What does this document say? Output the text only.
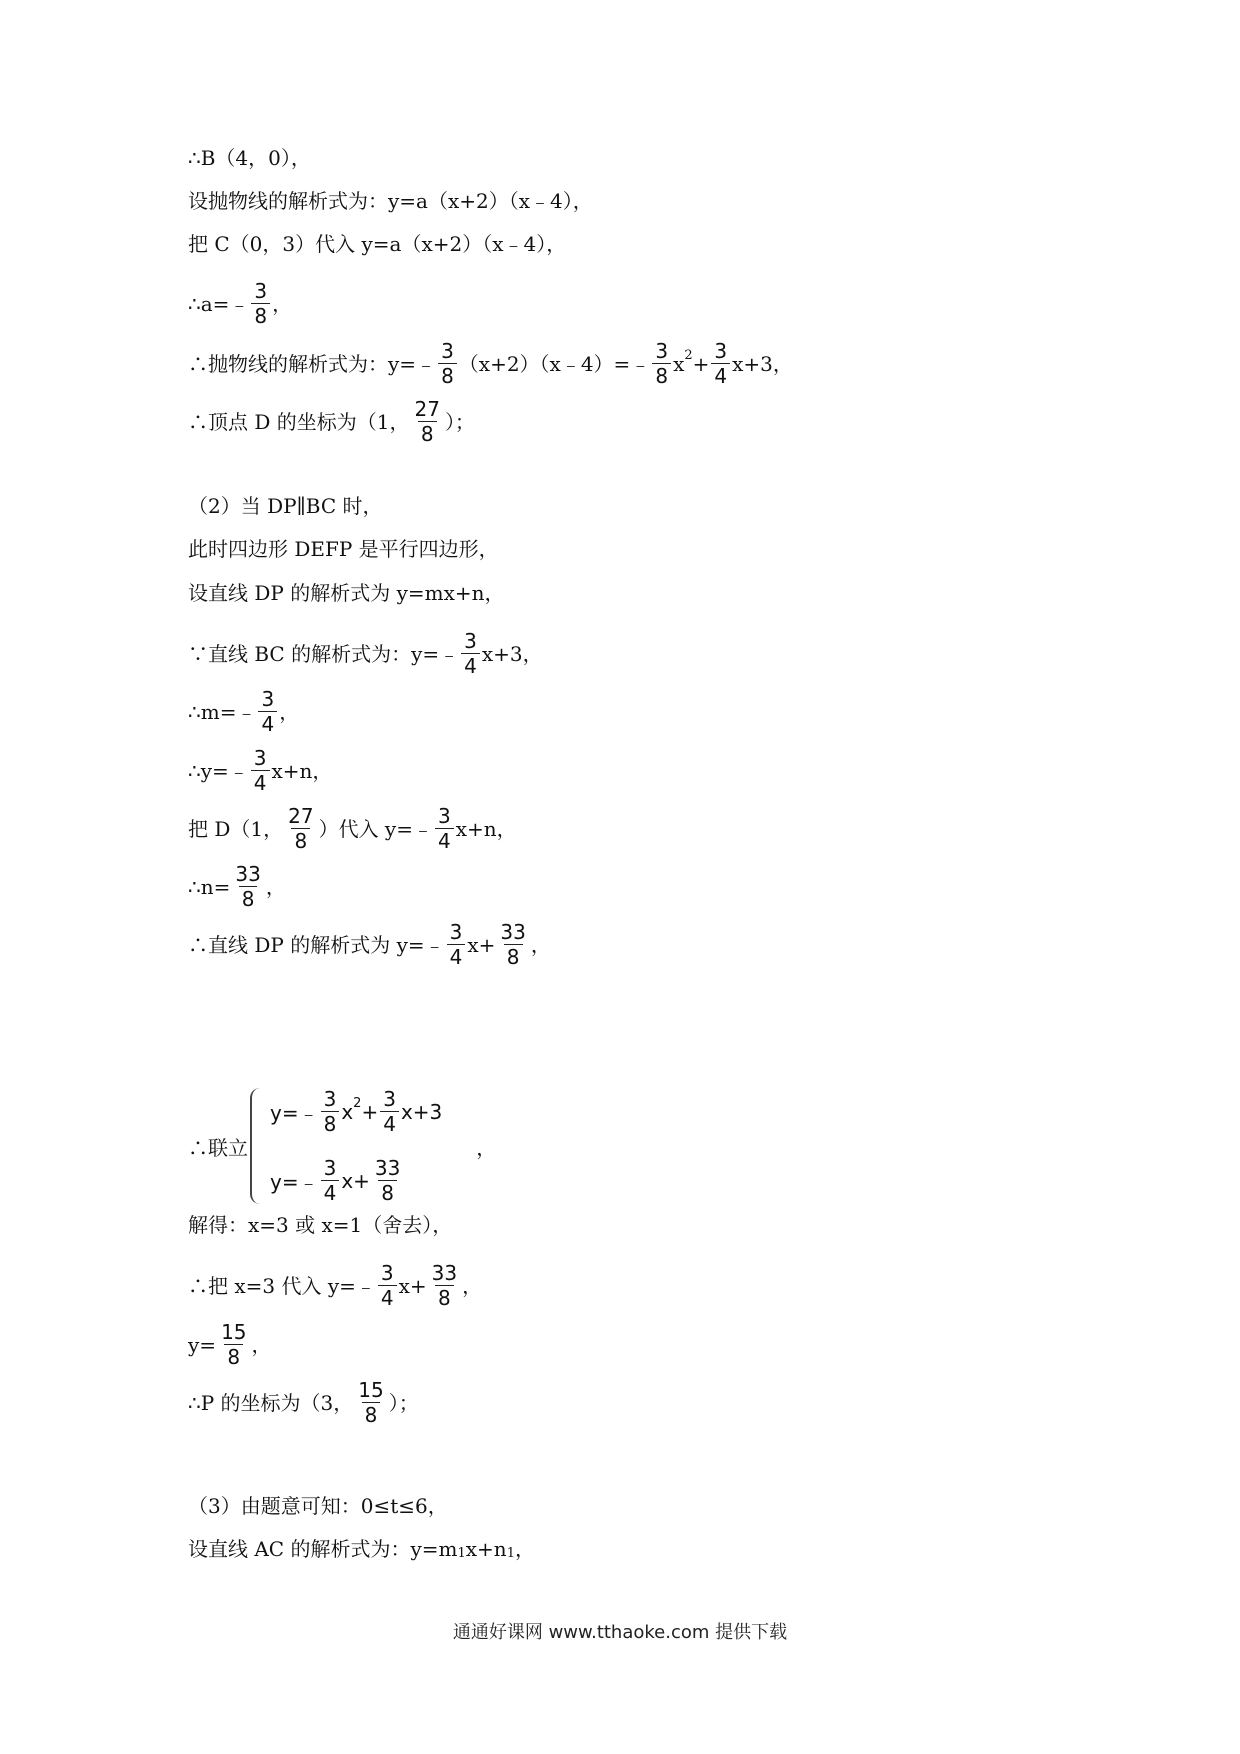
∴B（4，0），
设抛物线的解析式为：y=a（x+2）（x﹣4），
把 C（0，3）代入 y=a（x+2）（x﹣4），
∴a=﹣ $\frac{3}{8}$ ，
∴抛物线的解析式为：y=﹣ $\frac{3}{8}$ （x+2）（x﹣4）=﹣ $\frac{3}{8}$ x $2 + \frac{3}{4} x+3$，
∴顶点 D 的坐标为（1， $\frac{27}{8}$ ）；
（2）当 DP∥BC 时，
此时四边形 DEFP 是平行四边形，
设直线 DP 的解析式为 y=mx+n，
∵直线 BC 的解析式为：y=﹣ $\frac{3}{4} x+3$，
∴m=﹣ $\frac{3}{4}$ ，
∴y=﹣ $\frac{3}{4} x+n$，
把 D（1， $\frac{27}{8}$ ）代入 y=﹣ $\frac{3}{4} x+n$，
∴n= $\frac{33}{8}$ ，
∴直线 DP 的解析式为 y=﹣ $\frac{3}{4} x+ \frac{33}{8}$ ，
∴联立
y=﹣ $\frac{3}{8}$ x $2 + \frac{3}{4} x+3$
y=﹣ $\frac{3}{4} x+ \frac{33}{8}$
，
解得：x=3 或 x=1（舍去），
∴把 x=3 代入 y=﹣ $\frac{3}{4} x+ \frac{33}{8}$ ，
$y= \frac{15}{8}$ ，
∴P 的坐标为（3， $\frac{15}{8}$ ）；
（3）由题意可知：0≤t≤6，
设直线 AC 的解析式为：y=m 1 x+n 1 ，
通通好课网 www.tthaoke.com 提供下载
